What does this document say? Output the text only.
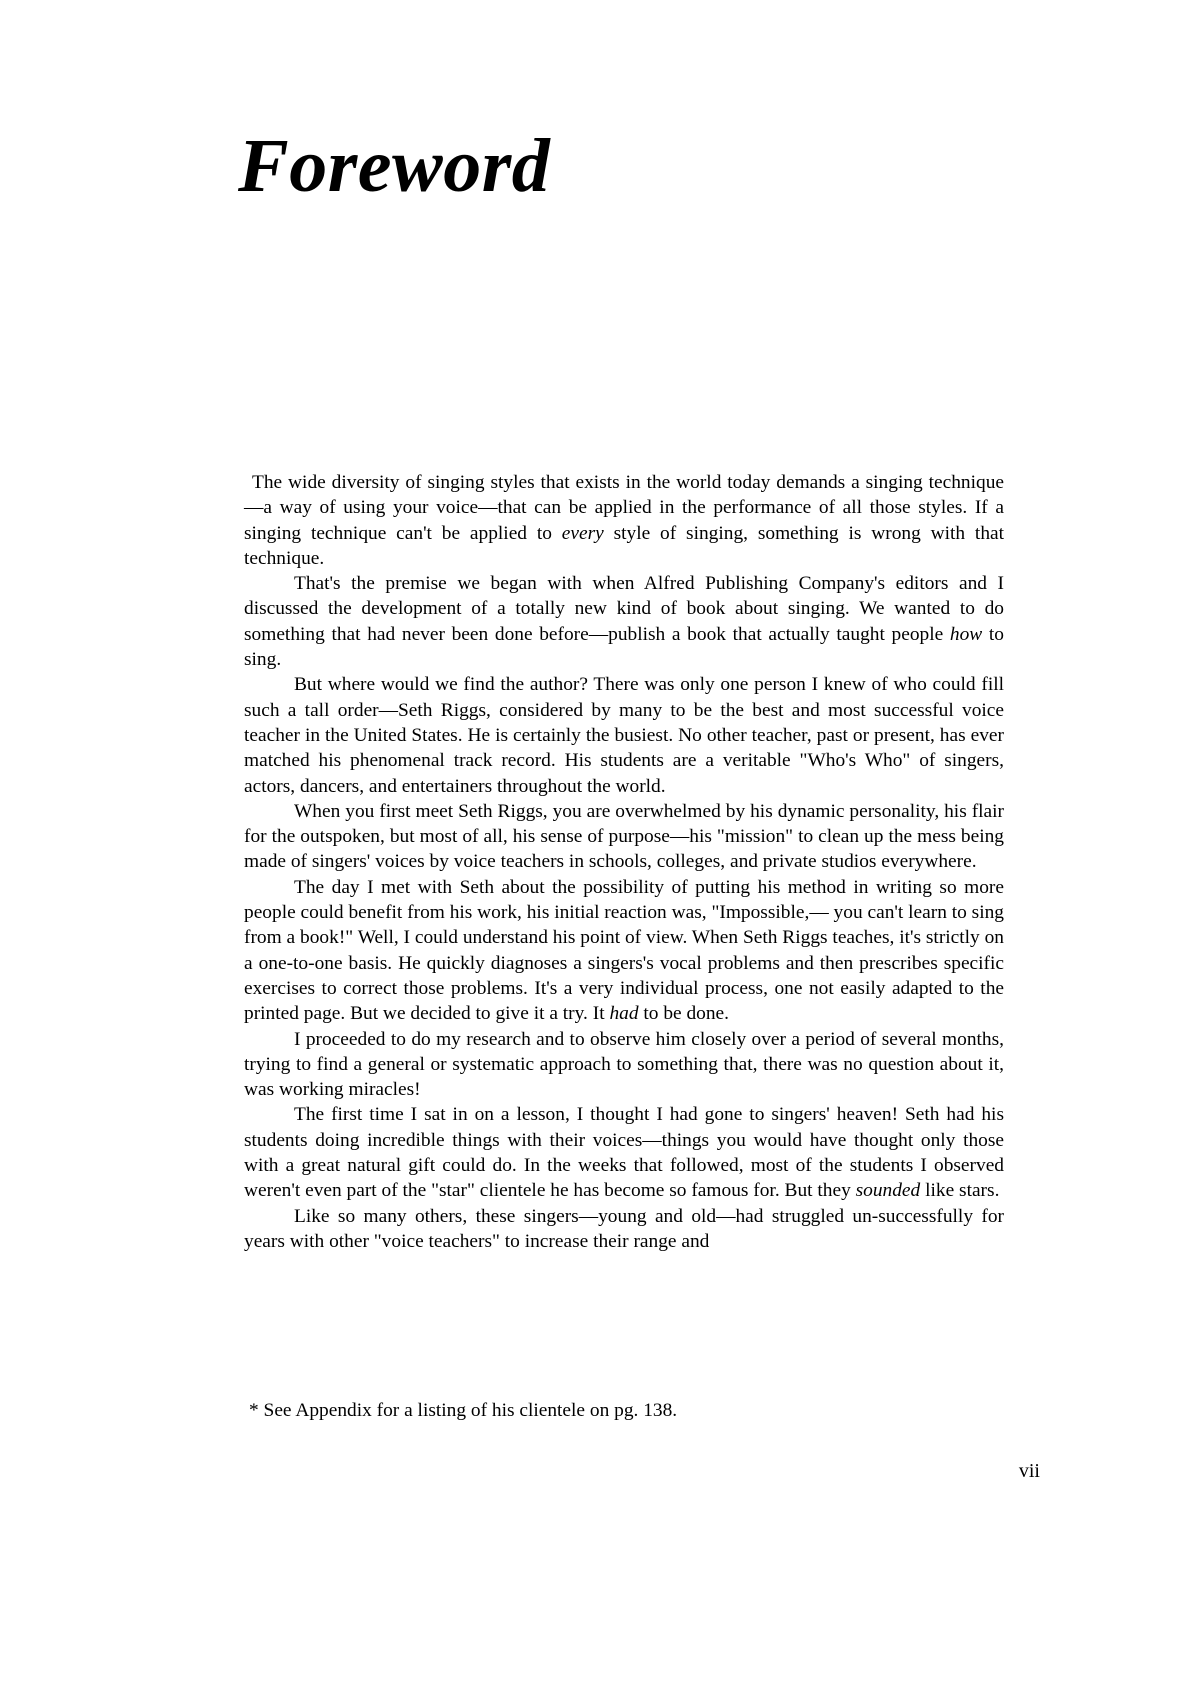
Foreword

The wide diversity of singing styles that exists in the world today demands a singing technique—a way of using your voice—that can be applied in the performance of all those styles. If a singing technique can't be applied to every style of singing, something is wrong with that technique.

That's the premise we began with when Alfred Publishing Company's editors and I discussed the development of a totally new kind of book about singing. We wanted to do something that had never been done before—publish a book that actually taught people how to sing.

But where would we find the author? There was only one person I knew of who could fill such a tall order—Seth Riggs, considered by many to be the best and most successful voice teacher in the United States. He is certainly the busiest. No other teacher, past or present, has ever matched his phenomenal track record. His students are a veritable "Who's Who" of singers, actors, dancers, and entertainers throughout the world.

When you first meet Seth Riggs, you are overwhelmed by his dynamic personality, his flair for the outspoken, but most of all, his sense of purpose—his "mission" to clean up the mess being made of singers' voices by voice teachers in schools, colleges, and private studios everywhere.

The day I met with Seth about the possibility of putting his method in writing so more people could benefit from his work, his initial reaction was, "Impossible,— you can't learn to sing from a book!" Well, I could understand his point of view. When Seth Riggs teaches, it's strictly on a one-to-one basis. He quickly diagnoses a singers's vocal problems and then prescribes specific exercises to correct those problems. It's a very individual process, one not easily adapted to the printed page. But we decided to give it a try. It had to be done.

I proceeded to do my research and to observe him closely over a period of several months, trying to find a general or systematic approach to something that, there was no question about it, was working miracles!

The first time I sat in on a lesson, I thought I had gone to singers' heaven! Seth had his students doing incredible things with their voices—things you would have thought only those with a great natural gift could do. In the weeks that followed, most of the students I observed weren't even part of the "star" clientele he has become so famous for. But they sounded like stars.

Like so many others, these singers—young and old—had struggled un-successfully for years with other "voice teachers" to increase their range and

* See Appendix for a listing of his clientele on pg. 138.

vii
